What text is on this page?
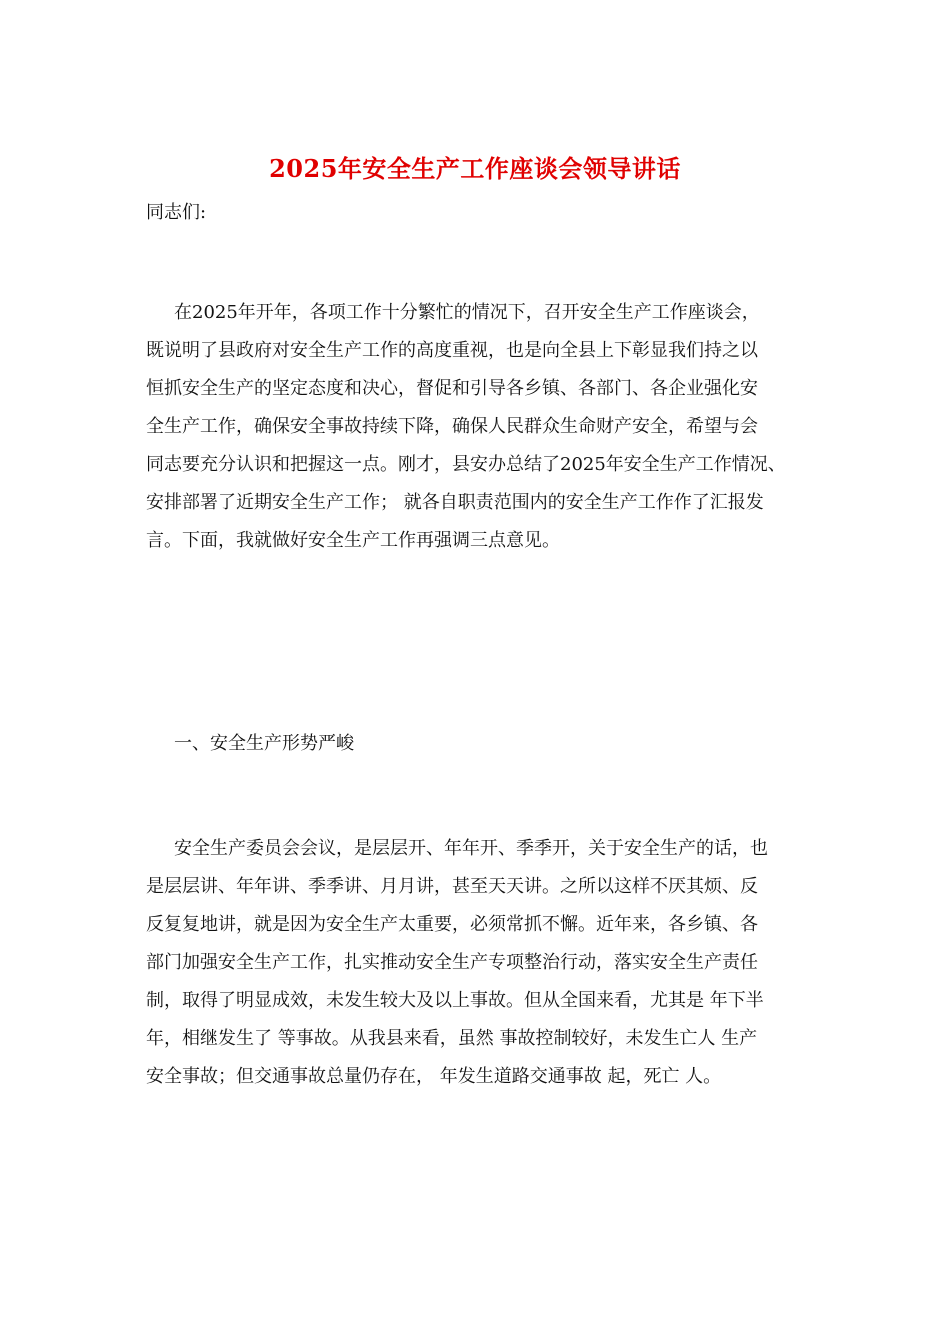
2025年安全生产工作座谈会领导讲话
同志们:
在2025年开年，各项工作十分繁忙的情况下，召开安全生产工作座谈会，
既说明了县政府对安全生产工作的高度重视，也是向全县上下彰显我们持之以
恒抓安全生产的坚定态度和决心，督促和引导各乡镇、各部门、各企业强化安
全生产工作，确保安全事故持续下降，确保人民群众生命财产安全，希望与会
同志要充分认识和把握这一点。刚才，县安办总结了2025年安全生产工作情况、
安排部署了近期安全生产工作； 就各自职责范围内的安全生产工作作了汇报发
言。下面，我就做好安全生产工作再强调三点意见。
一、安全生产形势严峻
安全生产委员会会议，是层层开、年年开、季季开，关于安全生产的话，也
是层层讲、年年讲、季季讲、月月讲，甚至天天讲。之所以这样不厌其烦、反
反复复地讲，就是因为安全生产太重要，必须常抓不懈。近年来，各乡镇、各
部门加强安全生产工作，扎实推动安全生产专项整治行动，落实安全生产责任
制，取得了明显成效，未发生较大及以上事故。但从全国来看，尤其是 年下半
年，相继发生了 等事故。从我县来看，虽然 事故控制较好，未发生亡人 生产
安全事故；但交通事故总量仍存在， 年发生道路交通事故 起，死亡 人。
